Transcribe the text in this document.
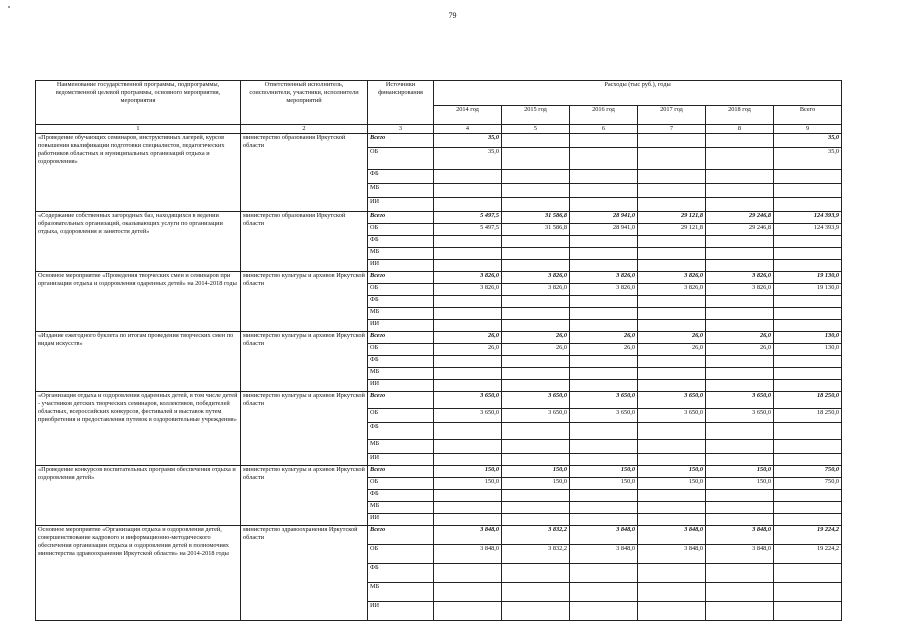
79
Наименование государственной программы, подпрограммы, ведомственной целевой программы, основного мероприятия, мероприятия	Ответственный исполнитель, соисполнители, участники, исполнители мероприятий	Источники финансирования	Расходы (тыс руб.), годы					
			2014 год	2015 год	2016 год	2017 год	2018 год	Всего
1	2	3	4	5	6	7	8	9
«Проведение обучающих семинаров, инструктивных лагерей, курсов повышения квалификации подготовки специалистов, педагогических работников областных и муниципальных организаций отдыха и оздоровления»	министерство образования Иркутской области	Всего	35,0					35,0
		ОБ	35,0					35,0
		ФБ						
		МБ						
		ИИ						
«Содержание собственных загородных баз, находящихся в ведении образовательных организаций, оказывающих услуги по организации отдыха, оздоровления и занятости детей»	министерство образования Иркутской области	Всего	5 497,5	31 586,8	28 941,0	29 121,8	29 246,8	124 393,9
		ОБ	5 497,5	31 586,8	28 941,0	29 121,8	29 246,8	124 393,9
		ФБ						
		МБ						
		ИИ						
Основное мероприятие «Проведения творческих смен и семинаров при организации отдыха и оздоровления одаренных детей» на 2014-2018 годы	министерство культуры и архивов Иркутской области	Всего	3 826,0	3 826,0	3 826,0	3 826,0	3 826,0	19 130,0
		ОБ	3 826,0	3 826,0	3 826,0	3 826,0	3 826,0	19 130,0
		ФБ						
		МБ						
		ИИ						
«Издание ежегодного буклета по итогам проведения творческих смен по видам искусств»	министерство культуры и архивов Иркутской области	Всего	26,0	26,0	26,0	26,0	26,0	130,0
		ОБ	26,0	26,0	26,0	26,0	26,0	130,0
		ФБ						
		МБ						
		ИИ						
«Организация отдыха и оздоровления одаренных детей, в том числе детей - участников детских творческих семинаров, коллективов, победителей областных, всероссийских конкурсов, фестивалей и выставок путем приобретения и предоставления путевок в оздоровительные учреждения»	министерство культуры и архивов Иркутской области	Всего	3 650,0	3 650,0	3 650,0	3 650,0	3 650,0	18 250,0
		ОБ	3 650,0	3 650,0	3 650,0	3 650,0	3 650,0	18 250,0
		ФБ						
		МБ						
		ИИ						
«Проведение конкурсов воспитательных программ обеспечения отдыха и оздоровления детей»	министерство культуры и архивов Иркутской области	Всего	150,0	150,0	150,0	150,0	150,0	750,0
		ОБ	150,0	150,0	150,0	150,0	150,0	750,0
		ФБ						
		МБ						
		ИИ						
Основное мероприятие «Организация отдыха и оздоровления детей, совершенствование кадрового и информационно-методического обеспечения организации отдыха и оздоровления детей в полномочиях министерства здравоохранения Иркутской области» на 2014-2018 годы	министерство здравоохранения Иркутской области	Всего	3 848,0	3 832,2	3 848,0	3 848,0	3 848,0	19 224,2
		ОБ	3 848,0	3 832,2	3 848,0	3 848,0	3 848,0	19 224,2
		ФБ						
		МБ						
		ИИ						
